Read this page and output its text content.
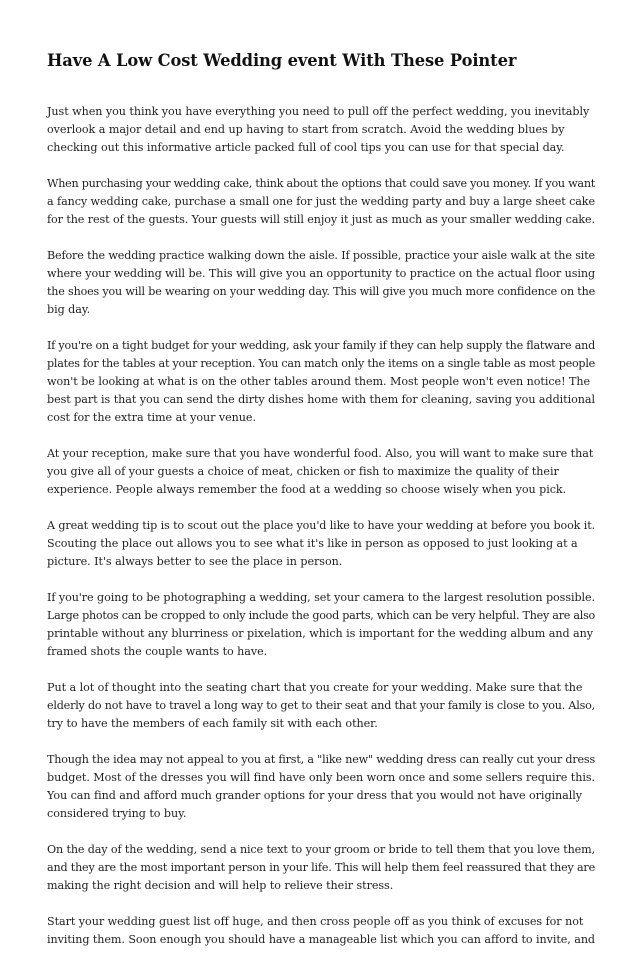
Have A Low Cost Wedding event With These Pointer

Just when you think you have everything you need to pull off the perfect wedding, you inevitably
overlook a major detail and end up having to start from scratch. Avoid the wedding blues by
checking out this informative article packed full of cool tips you can use for that special day.

When purchasing your wedding cake, think about the options that could save you money. If you want
a fancy wedding cake, purchase a small one for just the wedding party and buy a large sheet cake
for the rest of the guests. Your guests will still enjoy it just as much as your smaller wedding cake.

Before the wedding practice walking down the aisle. If possible, practice your aisle walk at the site
where your wedding will be. This will give you an opportunity to practice on the actual floor using
the shoes you will be wearing on your wedding day. This will give you much more confidence on the
big day.

If you're on a tight budget for your wedding, ask your family if they can help supply the flatware and
plates for the tables at your reception. You can match only the items on a single table as most people
won't be looking at what is on the other tables around them. Most people won't even notice! The
best part is that you can send the dirty dishes home with them for cleaning, saving you additional
cost for the extra time at your venue.

At your reception, make sure that you have wonderful food. Also, you will want to make sure that
you give all of your guests a choice of meat, chicken or fish to maximize the quality of their
experience. People always remember the food at a wedding so choose wisely when you pick.

A great wedding tip is to scout out the place you'd like to have your wedding at before you book it.
Scouting the place out allows you to see what it's like in person as opposed to just looking at a
picture. It's always better to see the place in person.

If you're going to be photographing a wedding, set your camera to the largest resolution possible.
Large photos can be cropped to only include the good parts, which can be very helpful. They are also
printable without any blurriness or pixelation, which is important for the wedding album and any
framed shots the couple wants to have.

Put a lot of thought into the seating chart that you create for your wedding. Make sure that the
elderly do not have to travel a long way to get to their seat and that your family is close to you. Also,
try to have the members of each family sit with each other.

Though the idea may not appeal to you at first, a "like new" wedding dress can really cut your dress
budget. Most of the dresses you will find have only been worn once and some sellers require this.
You can find and afford much grander options for your dress that you would not have originally
considered trying to buy.

On the day of the wedding, send a nice text to your groom or bride to tell them that you love them,
and they are the most important person in your life. This will help them feel reassured that they are
making the right decision and will help to relieve their stress.

Start your wedding guest list off huge, and then cross people off as you think of excuses for not
inviting them. Soon enough you should have a manageable list which you can afford to invite, and
